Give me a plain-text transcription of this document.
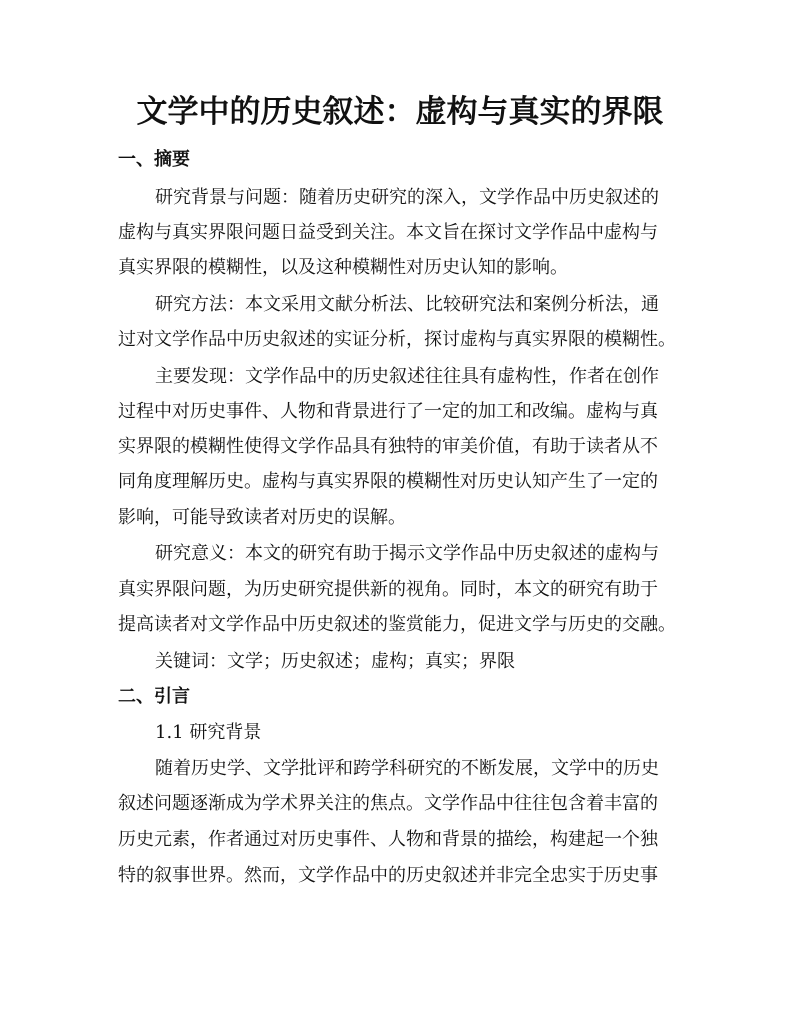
文学中的历史叙述：虚构与真实的界限
一、摘要
研究背景与问题：随着历史研究的深入，文学作品中历史叙述的
虚构与真实界限问题日益受到关注。本文旨在探讨文学作品中虚构与
真实界限的模糊性，以及这种模糊性对历史认知的影响。
研究方法：本文采用文献分析法、比较研究法和案例分析法，通
过对文学作品中历史叙述的实证分析，探讨虚构与真实界限的模糊性。
主要发现：文学作品中的历史叙述往往具有虚构性，作者在创作
过程中对历史事件、人物和背景进行了一定的加工和改编。虚构与真
实界限的模糊性使得文学作品具有独特的审美价值，有助于读者从不
同角度理解历史。虚构与真实界限的模糊性对历史认知产生了一定的
影响，可能导致读者对历史的误解。
研究意义：本文的研究有助于揭示文学作品中历史叙述的虚构与
真实界限问题，为历史研究提供新的视角。同时，本文的研究有助于
提高读者对文学作品中历史叙述的鉴赏能力，促进文学与历史的交融。
关键词：文学；历史叙述；虚构；真实；界限
二、引言
1.1 研究背景
随着历史学、文学批评和跨学科研究的不断发展，文学中的历史
叙述问题逐渐成为学术界关注的焦点。文学作品中往往包含着丰富的
历史元素，作者通过对历史事件、人物和背景的描绘，构建起一个独
特的叙事世界。然而，文学作品中的历史叙述并非完全忠实于历史事
